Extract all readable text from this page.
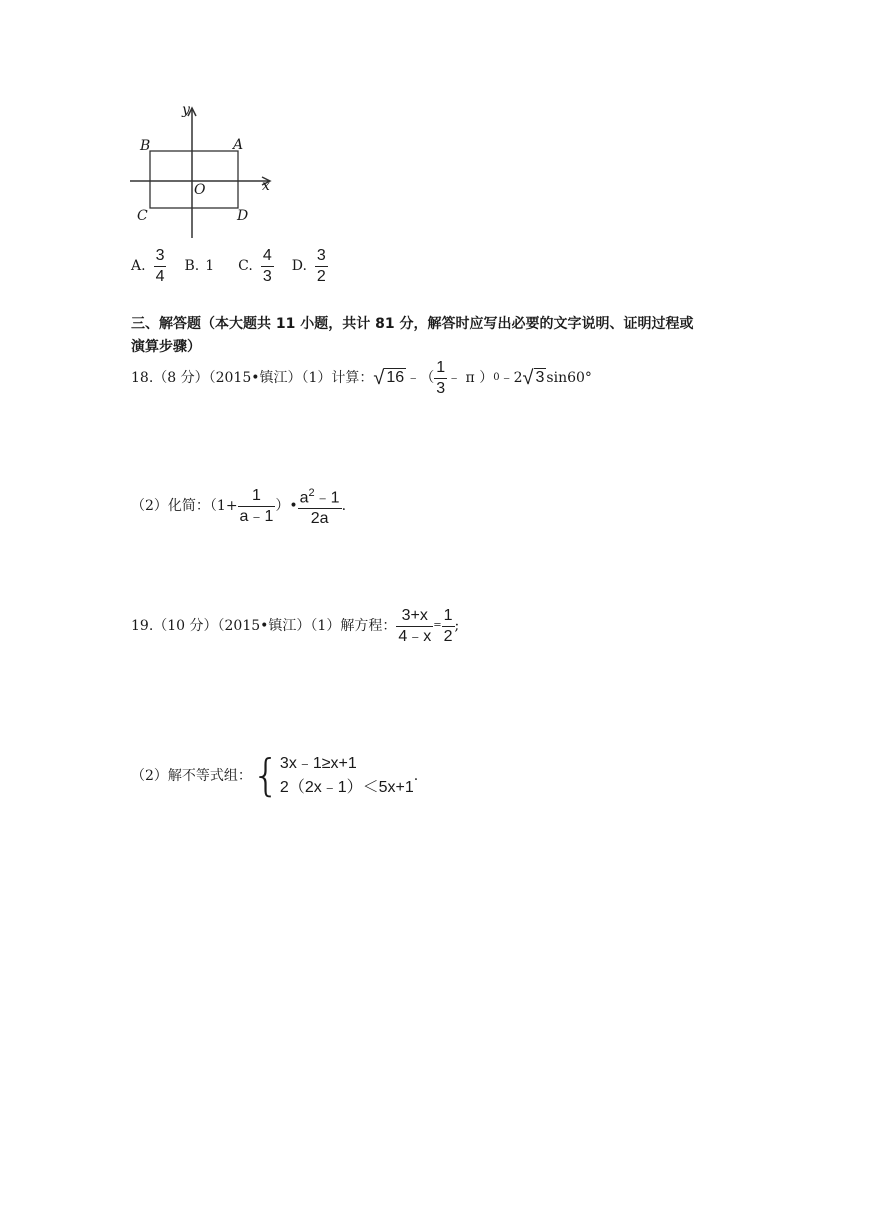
y
x
A
B
C	D
O
A. $\frac{3}{4} B$. 1 C. $\frac{4}{3} D$. $\frac{3}{2}$
三、解答题（本大题共 11 小题，共计 81 分，解答时应写出必要的文字说明、证明过程或
演算步骤）
18.（8 分）（2015•镇江）（1）计算： √ 16 ﹣（ $\frac{1}{3}$ ﹣ π ） 0 ﹣2 √ 3 sin60°
（2）化简：（$1+ \frac{1}{a﹣1}$ ）• $\frac{a^2﹣1}{2a}$ .
19.（10 分）（2015•镇江）（1）解方程： $\frac{3+x}{4﹣x} = \frac{1}{2}$ ;
（2）解不等式组： { 3x﹣1≥x+1
2（2x﹣1）＜5x+1
.
